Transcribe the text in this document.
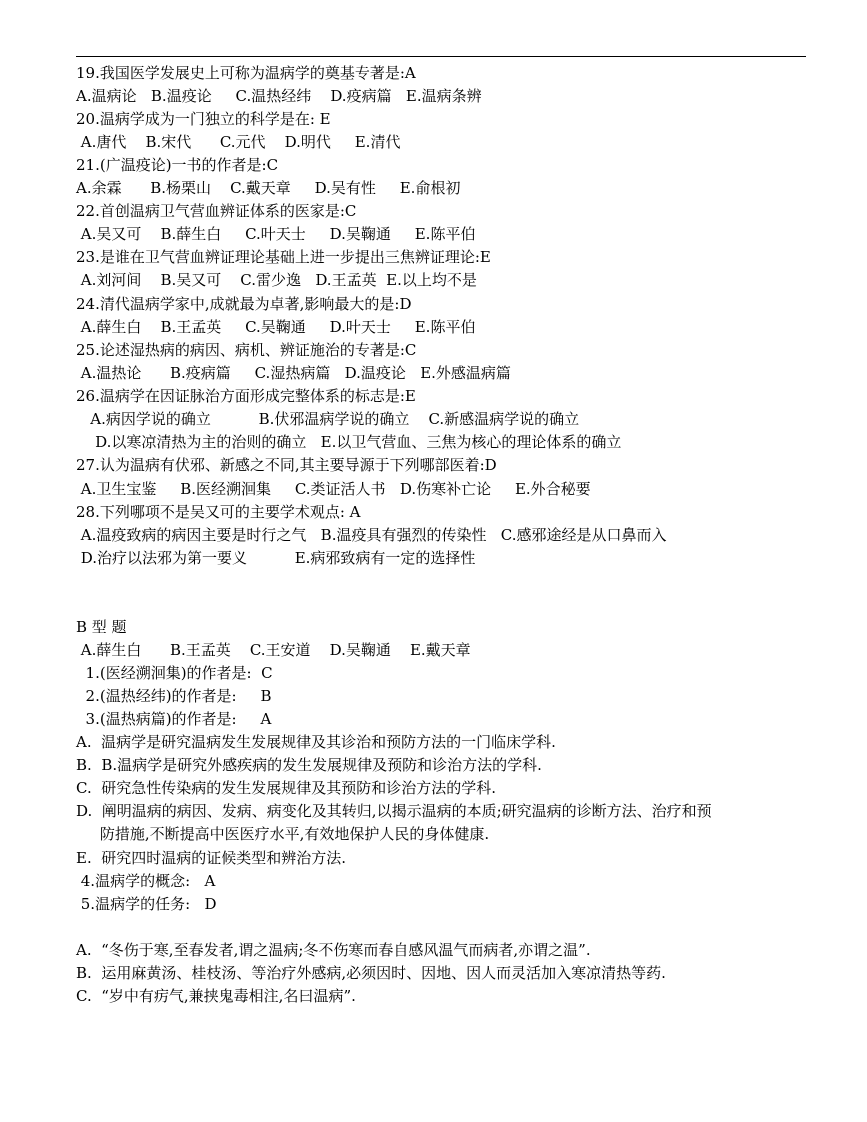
19.我国医学发展史上可称为温病学的奠基专著是:A
A.温病论   B.温疫论     C.温热经纬    D.疫病篇   E.温病条辨
20.温病学成为一门独立的科学是在: E
A.唐代    B.宋代      C.元代    D.明代     E.清代
21.(广温疫论)一书的作者是:C
A.余霖      B.杨栗山    C.戴天章     D.吴有性     E.俞根初
22.首创温病卫气营血辨证体系的医家是:C
A.吴又可    B.薛生白     C.叶天士     D.吴鞠通     E.陈平伯
23.是谁在卫气营血辨证理论基础上进一步提出三焦辨证理论:E
A.刘河间    B.吴又可    C.雷少逸   D.王孟英  E.以上均不是
24.清代温病学家中,成就最为卓著,影响最大的是:D
A.薛生白    B.王孟英     C.吴鞠通     D.叶天士     E.陈平伯
25.论述湿热病的病因、病机、辨证施治的专著是:C
A.温热论      B.疫病篇     C.湿热病篇   D.温疫论   E.外感温病篇
26.温病学在因证脉治方面形成完整体系的标志是:E
A.病因学说的确立          B.伏邪温病学说的确立    C.新感温病学说的确立
D.以寒凉清热为主的治则的确立   E.以卫气营血、三焦为核心的理论体系的确立
27.认为温病有伏邪、新感之不同,其主要导源于下列哪部医着:D
A.卫生宝鉴     B.医经溯洄集     C.类证活人书   D.伤寒补亡论     E.外合秘要
28.下列哪项不是吴又可的主要学术观点: A
A.温疫致病的病因主要是时行之气   B.温疫具有强烈的传染性   C.感邪途经是从口鼻而入
D.治疗以法邪为第一要义          E.病邪致病有一定的选择性
B 型 题
A.薛生白      B.王孟英    C.王安道    D.吴鞠通    E.戴天章
1.(医经溯洄集)的作者是:  C
2.(温热经纬)的作者是:     B
3.(温热病篇)的作者是:     A
A.  温病学是研究温病发生发展规律及其诊治和预防方法的一门临床学科.
B.  B.温病学是研究外感疾病的发生发展规律及预防和诊治方法的学科.
C.  研究急性传染病的发生发展规律及其预防和诊治方法的学科.
D.  阐明温病的病因、发病、病变化及其转归,以揭示温病的本质;研究温病的诊断方法、治疗和预
防措施,不断提高中医医疗水平,有效地保护人民的身体健康.
E.  研究四时温病的证候类型和辨治方法.
4.温病学的概念:   A
5.温病学的任务:   D
A.  “冬伤于寒,至春发者,谓之温病;冬不伤寒而春自感风温气而病者,亦谓之温”.
B.  运用麻黄汤、桂枝汤、等治疗外感病,必须因时、因地、因人而灵活加入寒凉清热等药.
C.  “岁中有疠气,兼挟鬼毒相注,名曰温病”.
